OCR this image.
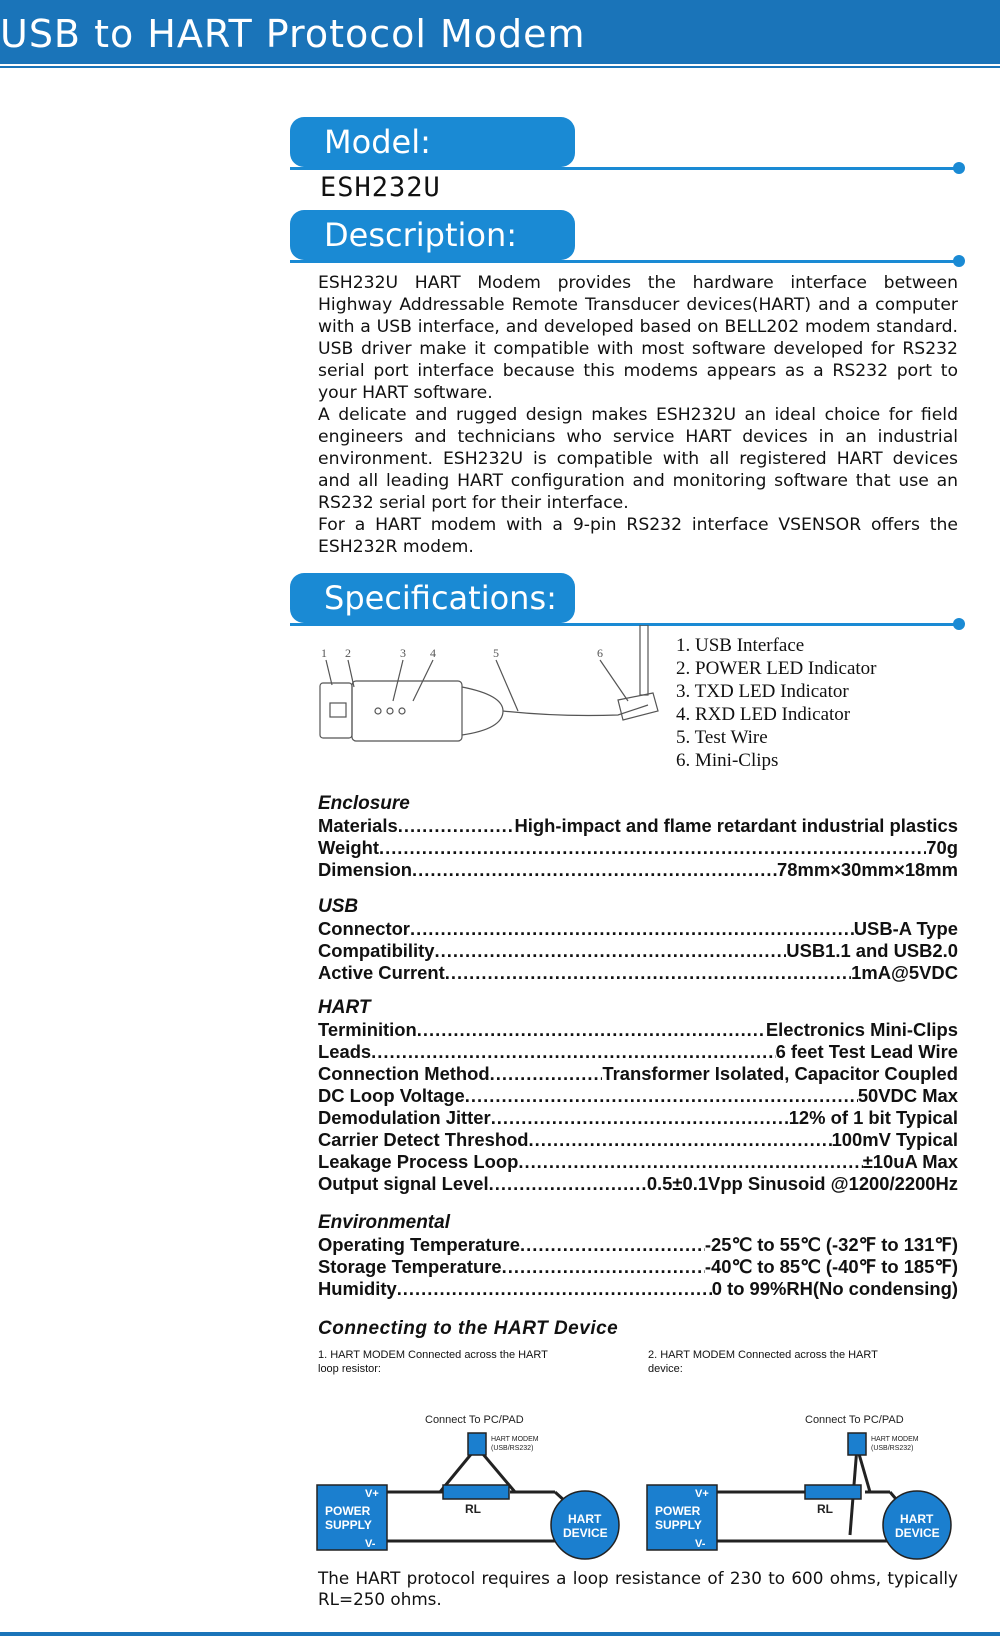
USB to HART Protocol Modem
Model:
ESH232U
Description:

ESH232U HART Modem provides the hardware interface between Highway Addressable Remote Transducer devices(HART) and a computer with a USB interface, and developed based on BELL202 modem standard. USB driver make it compatible with most software developed for RS232 serial port interface because this modems appears as a RS232 port to your HART software.

A delicate and rugged design makes ESH232U an ideal choice for field engineers and technicians who service HART devices in an industrial environment. ESH232U is compatible with all registered HART devices and all leading HART configuration and monitoring software that use an RS232 serial port for their interface.

For a HART modem with a 9-pin RS232 interface VSENSOR offers the ESH232R modem.

Specifications:
1 2	3 4	5	6	1. USB Interface
2. POWER LED Indicator
3. TXD LED Indicator
4. RXD LED Indicator
5. Test Wire
6. Mini-Clips
Enclosure
Materials .....	High-impact and flame retardant industrial plastics
Weight .....	70g
Dimension .....	78mm×30mm×18mm
USB
Connector .....	USB-A Type
Compatibility .....	USB1.1 and USB2.0
Active Current .....	1mA@5VDC
HART
Terminition .....	Electronics Mini-Clips
Leads .....	6 feet Test Lead Wire
Connection Method .....	Transformer Isolated, Capacitor Coupled
DC Loop Voltage .....	50VDC Max
Demodulation Jitter .....	12% of 1 bit Typical
Carrier Detect Threshod .....	100mV Typical
Leakage Process Loop .....	±10uA Max
Output signal Level .....	0.5±0.1Vpp Sinusoid @1200/2200Hz
Environmental
Operating Temperature .....	-25℃ to 55℃ (-32℉ to 131℉)
Storage Temperature .....	-40℃ to 85℃ (-40℉ to 185℉)
Humidity .....	0 to 99%RH(No condensing)
Connecting to the HART Device
1. HART MODEM Connected across the HART loop resistor:
2. HART MODEM Connected across the HART device:
Connect To PC/PAD
HART MODEM
(USB/RS232)
POWER
SUPPLY
V+
V-
RL
HART
DEVICE
Connect To PC/PAD
HART MODEM
(USB/RS232)
POWER
SUPPLY
V+
V-
RL
HART
DEVICE
The HART protocol requires a loop resistance of 230 to 600 ohms, typically RL=250 ohms.
